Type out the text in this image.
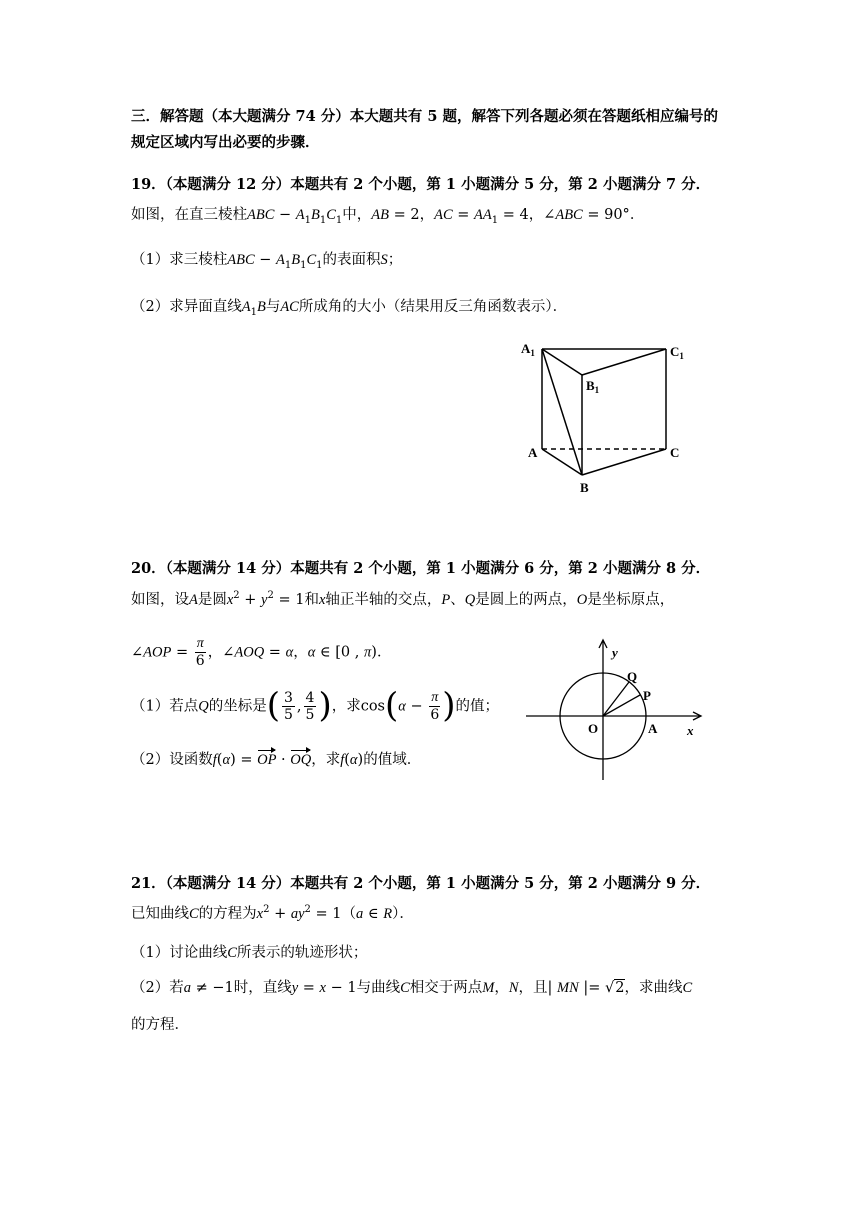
三．解答题（本大题满分 74 分）本大题共有 5 题，解答下列各题必须在答题纸相应编号的
规定区域内写出必要的步骤．
19．（本题满分 12 分）本题共有 2 个小题，第 1 小题满分 5 分，第 2 小题满分 7 分．
如图，在直三棱柱ABC − $A_1B_1C_1$中，AB = 2，AC = $AA_1 = 4$，∠ABC = 90°．
（1）求三棱柱ABC − $A_1B_1C_1$的表面积S；
（2）求异面直线$A_1B$与AC所成角的大小（结果用反三角函数表示）．
$A_1$	$C_1$
$B_1$
A	C
B
20．（本题满分 14 分）本题共有 2 个小题，第 1 小题满分 6 分，第 2 小题满分 8 分．
如图，设A是圆$x^2 + y^2 = 1$和x轴正半轴的交点，P、Q是圆上的两点，O是坐标原点，
∠AOP = $\frac{\pi}{6}$ ，∠AOQ = α，α ∈ [0 , π)．
（1）若点Q的坐标是( $\frac{3}{5}$ , $\frac{4}{5}$ )，求$\cos(\alpha - \frac{\pi}{6}$ )的值；
（2）设函数f(α) = OP · OQ，求f(α)的值域．
y
x
O	A
P
Q
21．（本题满分 14 分）本题共有 2 个小题，第 1 小题满分 5 分，第 2 小题满分 9 分．
已知曲线C的方程为$x^2 + ay^2 = 1(a$ ∈ R）．
（1）讨论曲线C所表示的轨迹形状；
（2）若a ≠ −1时，直线y = x − 1与曲线C相交于两点M，N，且| MN |= √2，求曲线C
的方程．
